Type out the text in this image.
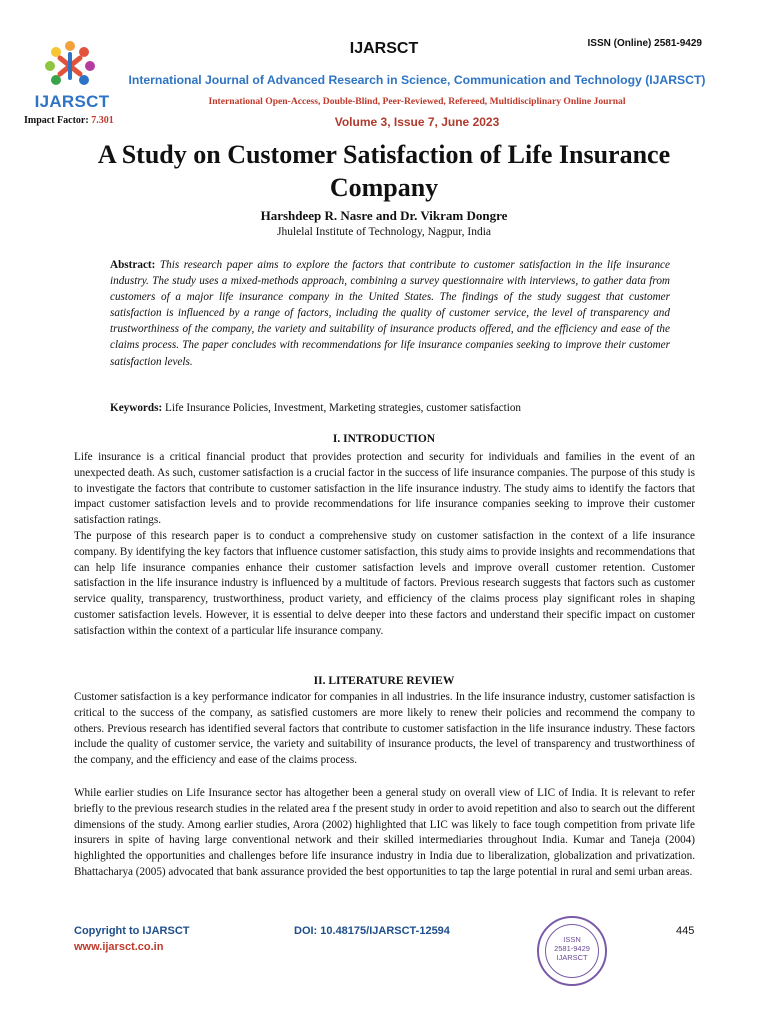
IJARSCT
Impact Factor: 7.301
IJARSCT	ISSN (Online) 2581-9429
International Journal of Advanced Research in Science, Communication and Technology (IJARSCT)
International Open-Access, Double-Blind, Peer-Reviewed, Refereed, Multidisciplinary Online Journal
Volume 3, Issue 7, June 2023
A Study on Customer Satisfaction of Life Insurance Company
Harshdeep R. Nasre and Dr. Vikram Dongre
Jhulelal Institute of Technology, Nagpur, India
Abstract: This research paper aims to explore the factors that contribute to customer satisfaction in the life insurance industry. The study uses a mixed-methods approach, combining a survey questionnaire with interviews, to gather data from customers of a major life insurance company in the United States. The findings of the study suggest that customer satisfaction is influenced by a range of factors, including the quality of customer service, the level of transparency and trustworthiness of the company, the variety and suitability of insurance products offered, and the efficiency and ease of the claims process. The paper concludes with recommendations for life insurance companies seeking to improve their customer satisfaction levels.
Keywords: Life Insurance Policies, Investment, Marketing strategies, customer satisfaction
I. INTRODUCTION
Life insurance is a critical financial product that provides protection and security for individuals and families in the event of an unexpected death. As such, customer satisfaction is a crucial factor in the success of life insurance companies. The purpose of this study is to investigate the factors that contribute to customer satisfaction in the life insurance industry. The study aims to identify the factors that impact customer satisfaction levels and to provide recommendations for life insurance companies seeking to improve their customer satisfaction ratings.
The purpose of this research paper is to conduct a comprehensive study on customer satisfaction in the context of a life insurance company. By identifying the key factors that influence customer satisfaction, this study aims to provide insights and recommendations that can help life insurance companies enhance their customer satisfaction levels and improve overall customer retention. Customer satisfaction in the life insurance industry is influenced by a multitude of factors. Previous research suggests that factors such as customer service quality, transparency, trustworthiness, product variety, and efficiency of the claims process play significant roles in shaping customer satisfaction levels. However, it is essential to delve deeper into these factors and understand their specific impact on customer satisfaction within the context of a particular life insurance company.
II. LITERATURE REVIEW
Customer satisfaction is a key performance indicator for companies in all industries. In the life insurance industry, customer satisfaction is critical to the success of the company, as satisfied customers are more likely to renew their policies and recommend the company to others. Previous research has identified several factors that contribute to customer satisfaction in the life insurance industry. These factors include the quality of customer service, the variety and suitability of insurance products, the level of transparency and trustworthiness of the company, and the efficiency and ease of the claims process.
While earlier studies on Life Insurance sector has altogether been a general study on overall view of LIC of India. It is relevant to refer briefly to the previous research studies in the related area f the present study in order to avoid repetition and also to search out the different dimensions of the study. Among earlier studies, Arora (2002) highlighted that LIC was likely to face tough competition from private life insurers in spite of having large conventional network and their skilled intermediaries throughout India. Kumar and Taneja (2004) highlighted the opportunities and challenges before life insurance industry in India due to liberalization, globalization and privatization. Bhattacharya (2005) advocated that bank assurance provided the best opportunities to tap the large potential in rural and semi urban areas.
Copyright to IJARSCT
www.ijarsct.co.in
DOI: 10.48175/IJARSCT-12594
ISSN
2581-9429
IJARSCT
445
